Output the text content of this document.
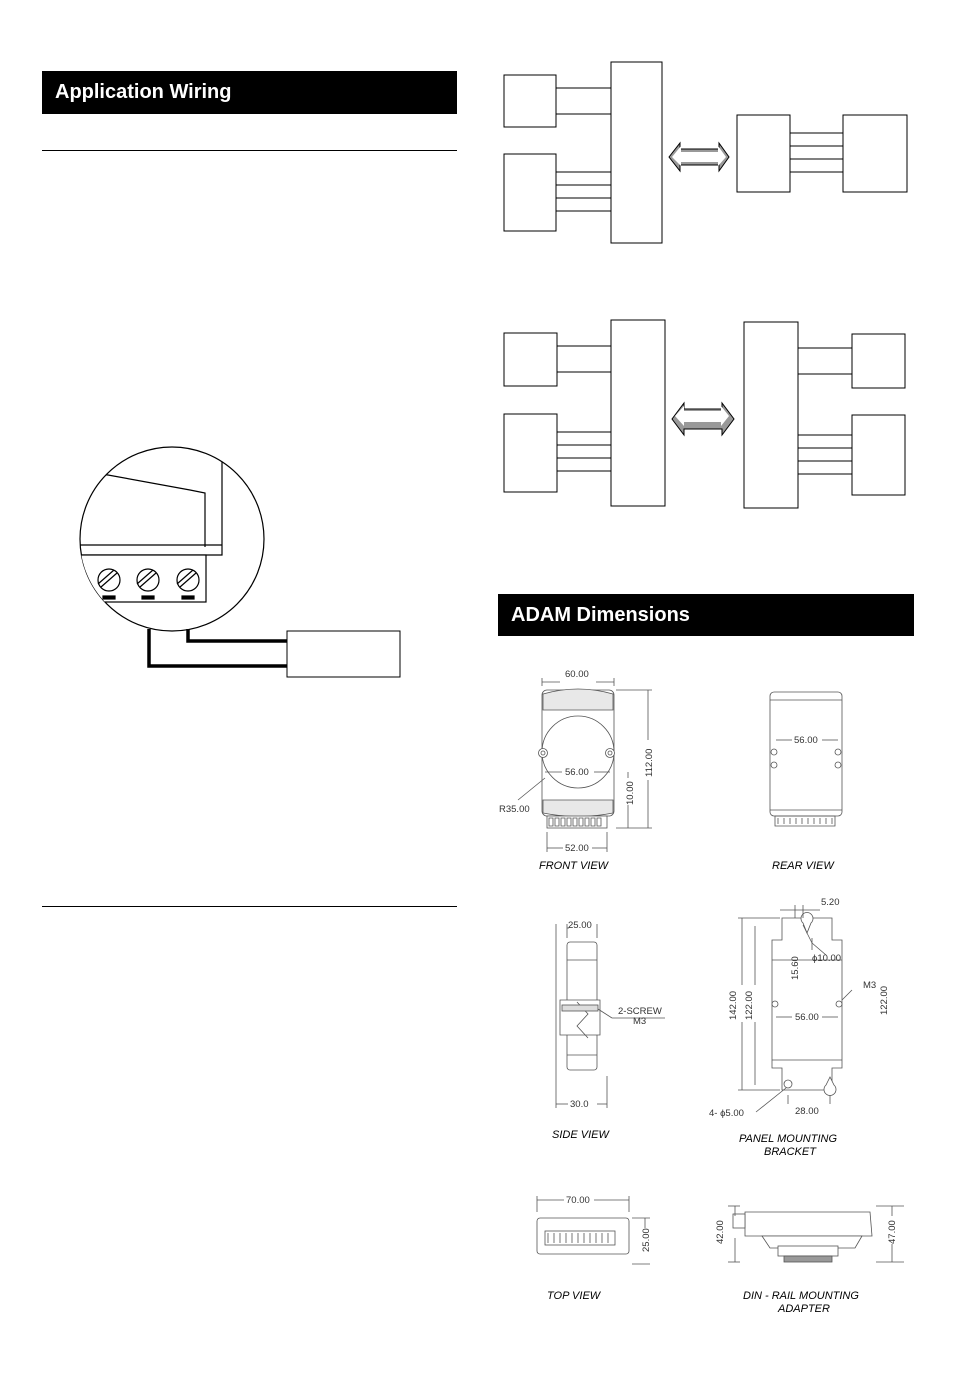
Application Wiring
ADAM Dimensions
60.00
112.00
56.00
10.00
R35.00
52.00
FRONT VIEW
56.00
REAR VIEW
25.00
2-SCREW
M3
30.0
SIDE VIEW
5.20
ϕ10.00
15.60
142.00 122.00
M3
122.00
56.00
4- ϕ5.00	28.00
PANEL MOUNTING
BRACKET
70.00
25.00
TOP VIEW
42.00	47.00
DIN - RAIL MOUNTING
ADAPTER
